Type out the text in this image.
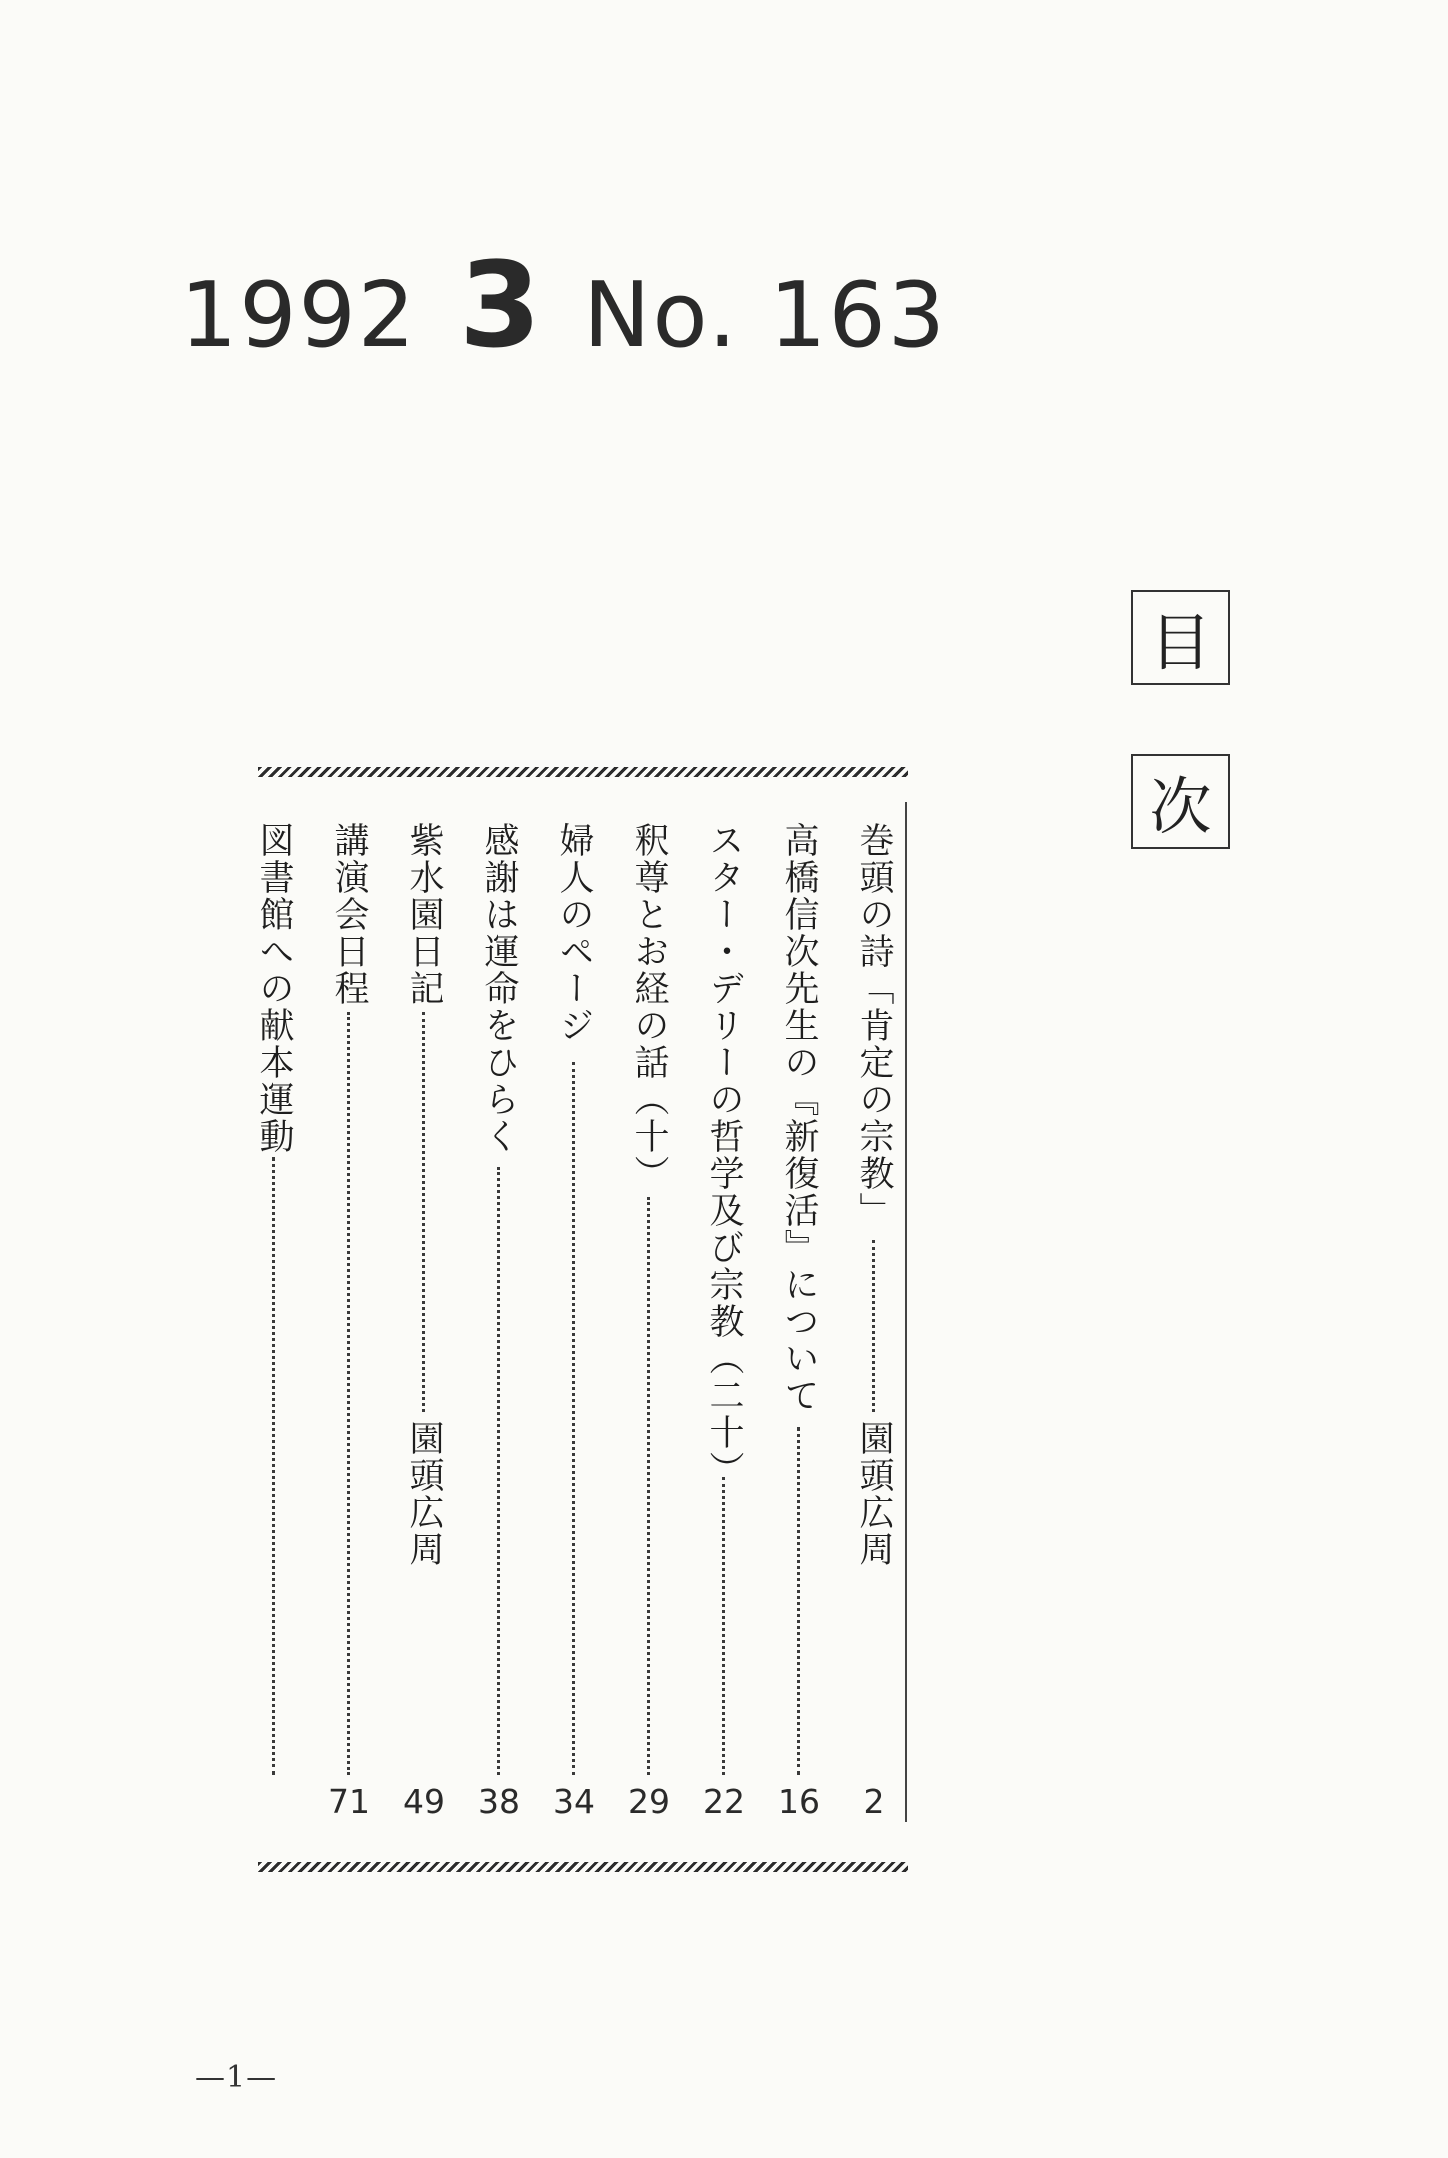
1992 3 No. 163
目
次
巻頭の詩「肯定の宗教」
園頭広周
2
高橋信次先生の『新復活』について
16
スター・デリーの哲学及び宗教（二十）
22
釈尊とお経の話（十）
29
婦人のページ
34
感謝は運命をひらく
38
紫水園日記
園頭広周
49
講演会日程
71
図書館への献本運動
—1—
